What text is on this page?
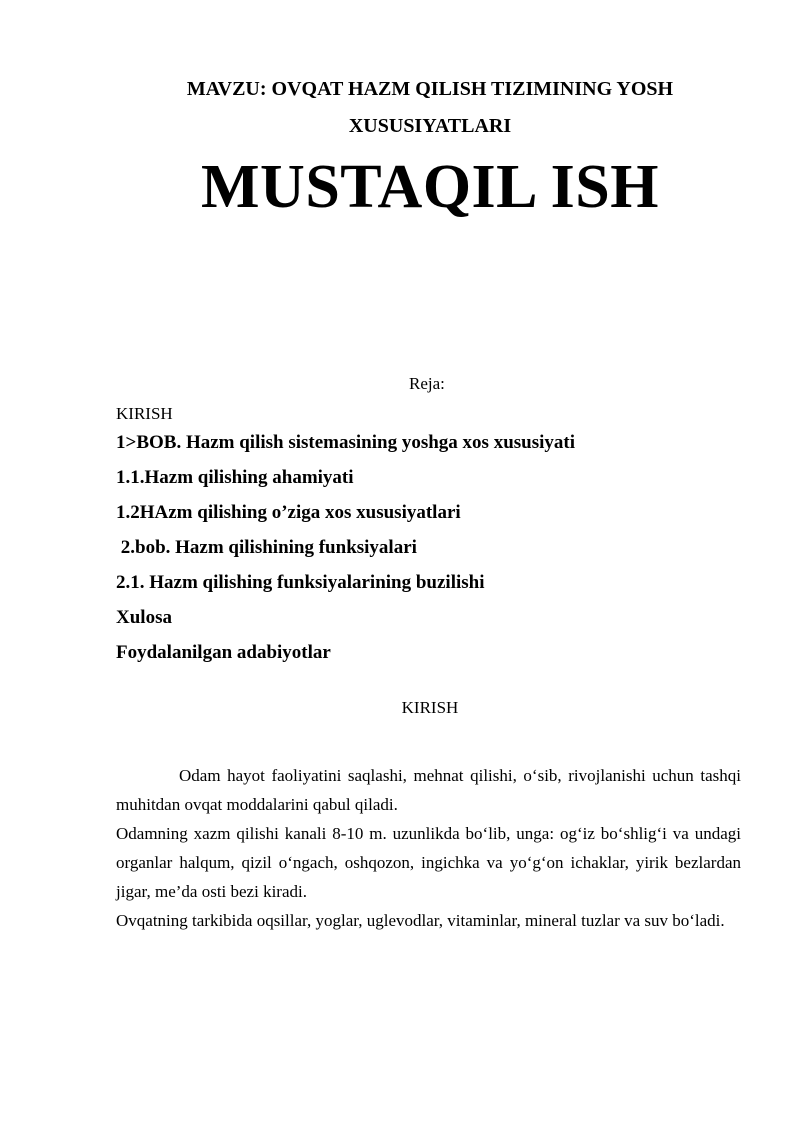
MAVZU: OVQAT HAZM QILISH TIZIMINING YOSH XUSUSIYATLARI
MUSTAQIL ISH
Reja:
KIRISH
1>BOB. Hazm qilish sistemasining yoshga xos xususiyati
1.1.Hazm qilishing ahamiyati
1.2HAzm qilishing o’ziga xos xususiyatlari
2.bob. Hazm qilishining funksiyalari
2.1. Hazm qilishing funksiyalarining buzilishi
Xulosa
Foydalanilgan adabiyotlar
KIRISH

Odam hayot faoliyatini saqlashi, mehnat qilishi, o‘sib, rivojlanishi uchun tashqi muhitdan ovqat moddalarini qabul qiladi.

Odamning xazm qilishi kanali 8-10 m. uzunlikda bo‘lib, unga: og‘iz bo‘shlig‘i va undagi organlar halqum, qizil o‘ngach, oshqozon, ingichka va yo‘g‘on ichaklar, yirik bezlardan jigar, me’da osti bezi kiradi.

Ovqatning tarkibida oqsillar, yoglar, uglevodlar, vitaminlar, mineral tuzlar va suv bo‘ladi.
